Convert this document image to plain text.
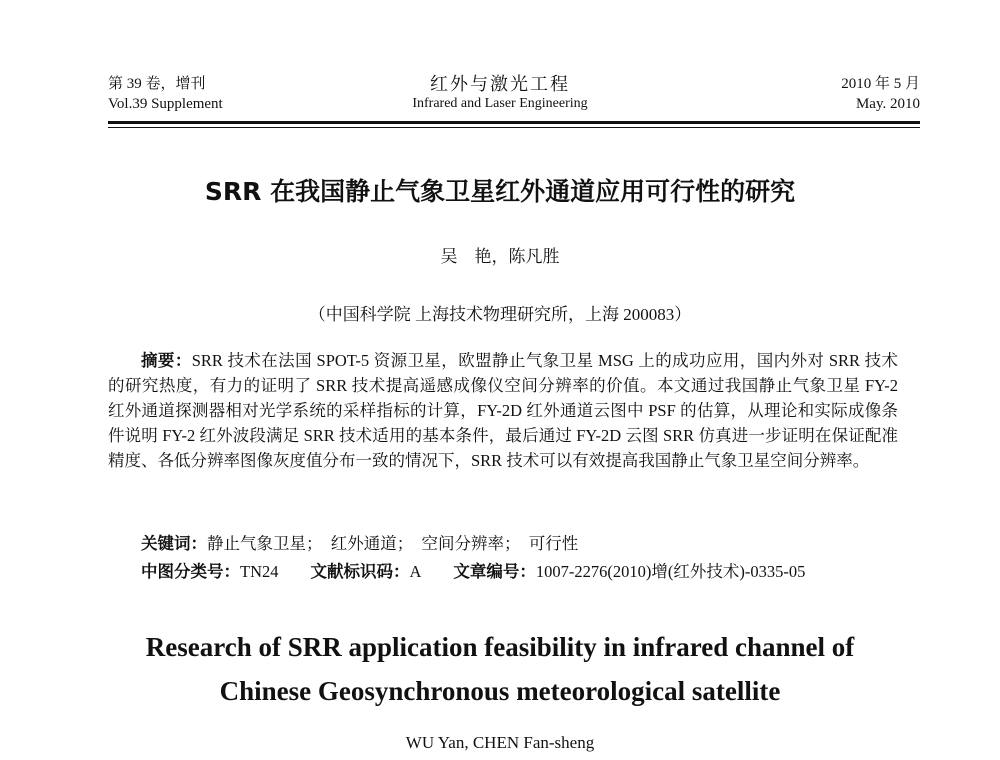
第 39 卷，增刊
Vol.39 Supplement
红外与激光工程
Infrared and Laser Engineering
2010 年 5 月
May. 2010
SRR 在我国静止气象卫星红外通道应用可行性的研究
吴　艳，陈凡胜
（中国科学院 上海技术物理研究所，上海 200083）
摘要：SRR 技术在法国 SPOT-5 资源卫星，欧盟静止气象卫星 MSG 上的成功应用，国内外对 SRR 技术的研究热度，有力的证明了 SRR 技术提高遥感成像仪空间分辨率的价值。本文通过我国静止气象卫星 FY-2 红外通道探测器相对光学系统的采样指标的计算，FY-2D 红外通道云图中 PSF 的估算，从理论和实际成像条件说明 FY-2 红外波段满足 SRR 技术适用的基本条件，最后通过 FY-2D 云图 SRR 仿真进一步证明在保证配准精度、各低分辨率图像灰度值分布一致的情况下，SRR 技术可以有效提高我国静止气象卫星空间分辨率。
关键词：静止气象卫星；　红外通道；　空间分辨率；　可行性
中图分类号：TN24 文献标识码：A 文章编号：1007-2276(2010)增(红外技术)-0335-05
Research of SRR application feasibility in infrared channel of
Chinese Geosynchronous meteorological satellite
WU Yan, CHEN Fan-sheng
